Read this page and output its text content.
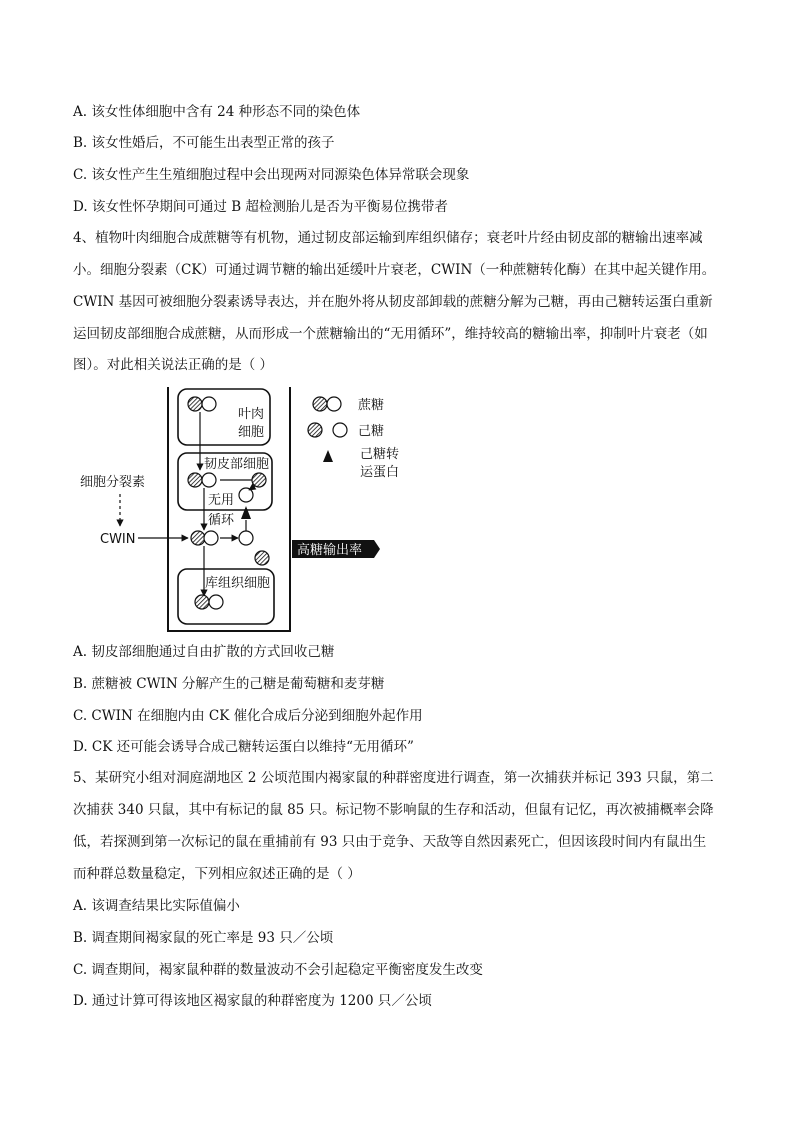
A. 该女性体细胞中含有 24 种形态不同的染色体
B. 该女性婚后，不可能生出表型正常的孩子
C. 该女性产生生殖细胞过程中会出现两对同源染色体异常联会现象
D. 该女性怀孕期间可通过 B 超检测胎儿是否为平衡易位携带者
4、植物叶肉细胞合成蔗糖等有机物，通过韧皮部运输到库组织储存；衰老叶片经由韧皮部的糖输出速率减
小。细胞分裂素（CK）可通过调节糖的输出延缓叶片衰老，CWIN（一种蔗糖转化酶）在其中起关键作用。
CWIN 基因可被细胞分裂素诱导表达，并在胞外将从韧皮部卸载的蔗糖分解为己糖，再由己糖转运蛋白重新
运回韧皮部细胞合成蔗糖，从而形成一个蔗糖输出的“无用循环”，维持较高的糖输出率，抑制叶片衰老（如
图）。对此相关说法正确的是（ ）
叶肉
细胞
韧皮部细胞
无用
循环
细胞分裂素
CWIN
高糖输出率
库组织细胞
蔗糖
己糖
己糖转
运蛋白
A. 韧皮部细胞通过自由扩散的方式回收己糖
B. 蔗糖被 CWIN 分解产生的己糖是葡萄糖和麦芽糖
C. CWIN 在细胞内由 CK 催化合成后分泌到细胞外起作用
D. CK 还可能会诱导合成己糖转运蛋白以维持“无用循环”
5、某研究小组对洞庭湖地区 2 公顷范围内褐家鼠的种群密度进行调查，第一次捕获并标记 393 只鼠，第二
次捕获 340 只鼠，其中有标记的鼠 85 只。标记物不影响鼠的生存和活动，但鼠有记忆，再次被捕概率会降
低，若探测到第一次标记的鼠在重捕前有 93 只由于竞争、天敌等自然因素死亡，但因该段时间内有鼠出生
而种群总数量稳定，下列相应叙述正确的是（ ）
A. 该调查结果比实际值偏小
B. 调查期间褐家鼠的死亡率是 93 只／公顷
C. 调查期间，褐家鼠种群的数量波动不会引起稳定平衡密度发生改变
D. 通过计算可得该地区褐家鼠的种群密度为 1200 只／公顷
